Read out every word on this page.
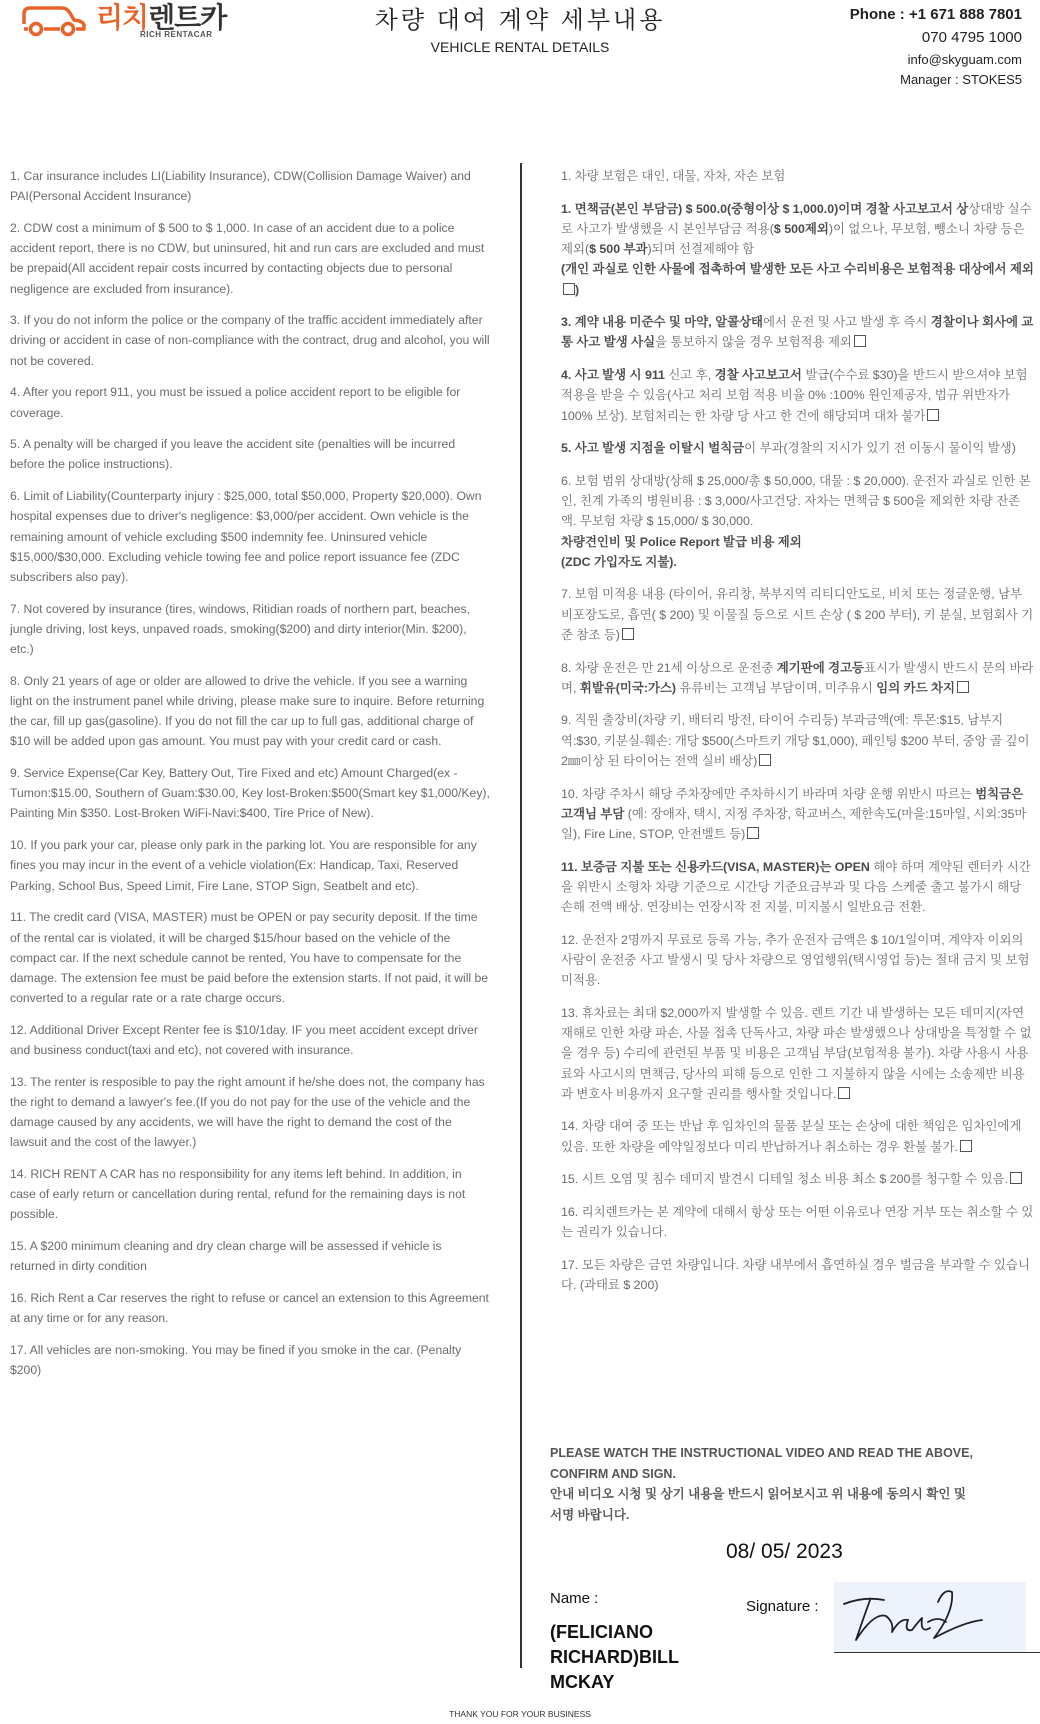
리치렌트카
RICH RENTACAR
차량 대여 계약 세부내용
VEHICLE RENTAL DETAILS
Phone : +1 671 888 7801
070 4795 1000
info@skyguam.com
Manager : STOKES5

1. Car insurance includes LI(Liability Insurance), CDW(Collision Damage Waiver) and PAI(Personal Accident Insurance)

2. CDW cost a minimum of $ 500 to $ 1,000. In case of an accident due to a police accident report, there is no CDW, but uninsured, hit and run cars are excluded and must be prepaid(All accident repair costs incurred by contacting objects due to personal negligence are excluded from insurance).

3. If you do not inform the police or the company of the traffic accident immediately after driving or accident in case of non-compliance with the contract, drug and alcohol, you will not be covered.

4. After you report 911, you must be issued a police accident report to be eligible for coverage.

5. A penalty will be charged if you leave the accident site (penalties will be incurred before the police instructions).

6. Limit of Liability(Counterparty injury : $25,000, total $50,000, Property $20,000). Own hospital expenses due to driver's negligence: $3,000/per accident. Own vehicle is the remaining amount of vehicle excluding $500 indemnity fee. Uninsured vehicle $15,000/$30,000. Excluding vehicle towing fee and police report issuance fee (ZDC subscribers also pay).

7. Not covered by insurance (tires, windows, Ritidian roads of northern part, beaches, jungle driving, lost keys, unpaved roads, smoking($200) and dirty interior(Min. $200), etc.)

8. Only 21 years of age or older are allowed to drive the vehicle. If you see a warning light on the instrument panel while driving, please make sure to inquire. Before returning the car, fill up gas(gasoline). If you do not fill the car up to full gas, additional charge of $10 will be added upon gas amount. You must pay with your credit card or cash.

9. Service Expense(Car Key, Battery Out, Tire Fixed and etc) Amount Charged(ex -Tumon:$15.00, Southern of Guam:$30.00, Key lost-Broken:$500(Smart key $1,000/Key), Painting Min $350. Lost-Broken WiFi-Navi:$400, Tire Price of New).

10. If you park your car, please only park in the parking lot. You are responsible for any fines you may incur in the event of a vehicle violation(Ex: Handicap, Taxi, Reserved Parking, School Bus, Speed Limit, Fire Lane, STOP Sign, Seatbelt and etc).

11. The credit card (VISA, MASTER) must be OPEN or pay security deposit. If the time of the rental car is violated, it will be charged $15/hour based on the vehicle of the compact car. If the next schedule cannot be rented, You have to compensate for the damage. The extension fee must be paid before the extension starts. If not paid, it will be converted to a regular rate or a rate charge occurs.

12. Additional Driver Except Renter fee is $10/1day. IF you meet accident except driver and business conduct(taxi and etc), not covered with insurance.

13. The renter is resposible to pay the right amount if he/she does not, the company has the right to demand a lawyer's fee.(If you do not pay for the use of the vehicle and the damage caused by any accidents, we will have the right to demand the cost of the lawsuit and the cost of the lawyer.)

14. RICH RENT A CAR has no responsibility for any items left behind. In addition, in case of early return or cancellation during rental, refund for the remaining days is not possible.

15. A $200 minimum cleaning and dry clean charge will be assessed if vehicle is returned in dirty condition

16. Rich Rent a Car reserves the right to refuse or cancel an extension to this Agreement at any time or for any reason.

17. All vehicles are non-smoking. You may be fined if you smoke in the car. (Penalty $200)

1. 차량 보험은 대인, 대물, 자차, 자손 보험

1. 면책금(본인 부담금) $ 500.0(중형이상 $ 1,000.0)이며 경찰 사고보고서 상상대방 실수로 사고가 발생했을 시 본인부담금 적용($ 500제외)이 없으나, 무보험, 뺑소니 차량 등은 제외($ 500 부과)되며 선결제해야 함
(개인 과실로 인한 사물에 접촉하여 발생한 모든 사고 수리비용은 보험적용 대상에서 제외)

3. 계약 내용 미준수 및 마약, 알콜상태에서 운전 및 사고 발생 후 즉시 경찰이나 회사에 교통 사고 발생 사실을 통보하지 않을 경우 보험적용 제외

4. 사고 발생 시 911 신고 후, 경찰 사고보고서 발급(수수료 $30)을 반드시 받으셔야 보험 적용을 받을 수 있음(사고 처리 보험 적용 비율 0% :100% 원인제공자, 법규 위반자가 100% 보상). 보험처리는 한 차량 당 사고 한 건에 해당되며 대차 불가

5. 사고 발생 지점을 이탈시 벌칙금이 부과(경찰의 지시가 있기 전 이동시 물이익 발생)

6. 보험 범위 상대방(상해 $ 25,000/총 $ 50,000, 대물 : $ 20,000). 운전자 과실로 인한 본인, 친계 가족의 병원비용 : $ 3,000/사고건당. 자차는 면책금 $ 500을 제외한 차량 잔존액. 무보험 차량 $ 15,000/ $ 30,000.
차량견인비 및 Police Report 발급 비용 제외
(ZDC 가입자도 지불).

7. 보험 미적용 내용 (타이어, 유리창, 북부지역 리티디안도로, 비치 또는 정글운행, 남부 비포장도로, 흡연( $ 200) 및 이물질 등으로 시트 손상 ( $ 200 부터), 키 분실, 보험회사 기준 참조 등)

8. 차량 운전은 만 21세 이상으로 운전중 계기판에 경고등표시가 발생시 반드시 문의 바라며, 휘발유(미국:가스) 유류비는 고객님 부담이며, 미주유시 임의 카드 차지

9. 직원 출장비(차량 키, 배터리 방전, 타이어 수리등) 부과금액(예: 투몬:$15, 남부지역:$30, 키분실-훼손: 개당 $500(스마트키 개당 $1,000), 페인팅 $200 부터, 중앙 골 깊이 2㎜이상 된 타이어는 전액 실비 배상)

10. 차량 주차시 해당 주차장에만 주차하시기 바라며 차량 운행 위반시 따르는 범칙금은 고객님 부담 (예: 장애자, 택시, 지정 주차장, 학교버스, 제한속도(마을:15마일, 시외:35마일), Fire Line, STOP, 안전벨트 등)

11. 보증금 지불 또는 신용카드(VISA, MASTER)는 OPEN 해야 하며 계약된 렌터카 시간을 위반시 소형차 차량 기준으로 시간당 기준요금부과 및 다음 스케줄 출고 불가시 해당 손해 전액 배상. 연장비는 연장시작 전 지불, 미지불시 일반요금 전환.

12. 운전자 2명까지 무료로 등록 가능, 추가 운전자 금액은 $ 10/1일이며, 계약자 이외의 사람이 운전중 사고 발생시 및 당사 차량으로 영업행위(택시영업 등)는 절대 금지 및 보험 미적용.

13. 휴차료는 최대 $2,000까지 발생할 수 있음. 렌트 기간 내 발생하는 모든 데미지(자연재해로 인한 차량 파손, 사물 접촉 단독사고, 차량 파손 발생했으나 상대방을 특정할 수 없을 경우 등) 수리에 관련된 부품 및 비용은 고객님 부담(보험적용 불가). 차량 사용시 사용료와 사고시의 면책금, 당사의 피해 등으로 인한 그 지불하지 않을 시에는 소송제반 비용과 변호사 비용까지 요구할 권리를 행사할 것입니다.

14. 차량 대여 중 또는 반납 후 임차인의 물품 분실 또는 손상에 대한 책임은 임차인에게 있음. 또한 차량을 예약일정보다 미리 반납하거나 취소하는 경우 환불 불가.

15. 시트 오염 및 침수 데미지 발견시 디테일 청소 비용 최소 $ 200를 청구할 수 있음.

16. 리치렌트카는 본 계약에 대해서 항상 또는 어떤 이유로나 연장 거부 또는 취소할 수 있는 권리가 있습니다.

17. 모든 차량은 금연 차량입니다. 차량 내부에서 흡연하실 경우 벌금을 부과할 수 있습니다. (과태료 $ 200)

PLEASE WATCH THE INSTRUCTIONAL VIDEO AND READ THE ABOVE,
CONFIRM AND SIGN.
안내 비디오 시청 및 상기 내용을 반드시 읽어보시고 위 내용에 동의시 확인 및
서명 바랍니다.
08/ 05/ 2023
Name :
(FELICIANO RICHARD)BILL MCKAY
Signature :
THANK YOU FOR YOUR BUSINESS
